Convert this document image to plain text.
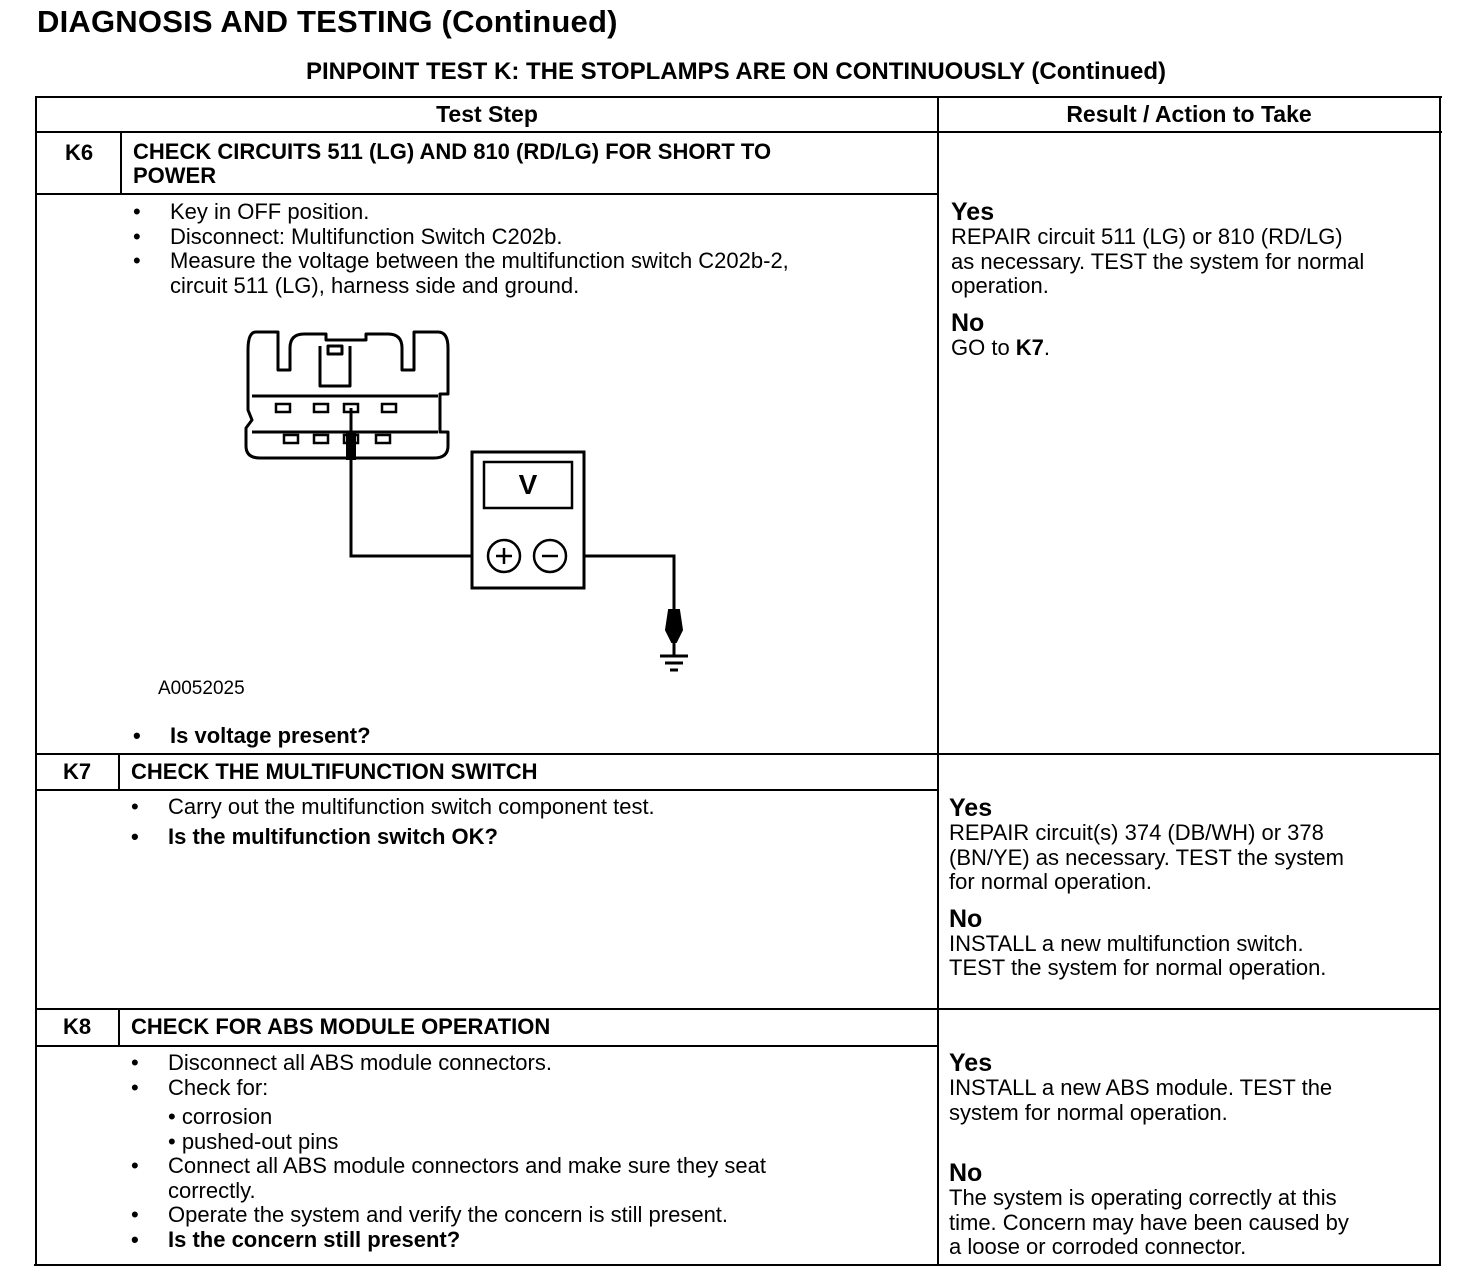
DIAGNOSIS AND TESTING (Continued)
PINPOINT TEST K: THE STOPLAMPS ARE ON CONTINUOUSLY (Continued)
Test Step	Result / Action to Take
K6	CHECK CIRCUITS 511 (LG) AND 810 (RD/LG) FOR SHORT TO
POWER
• Key in OFF position.
• Disconnect: Multifunction Switch C202b.
• Measure the voltage between the multifunction switch C202b-2,
circuit 511 (LG), harness side and ground.
V
A0052025
• Is voltage present?
Yes
REPAIR circuit 511 (LG) or 810 (RD/LG)
as necessary. TEST the system for normal
operation.
No
GO to K7.
K7	CHECK THE MULTIFUNCTION SWITCH
• Carry out the multifunction switch component test.
• Is the multifunction switch OK?
Yes
REPAIR circuit(s) 374 (DB/WH) or 378
(BN/YE) as necessary. TEST the system
for normal operation.
No
INSTALL a new multifunction switch.
TEST the system for normal operation.
K8	CHECK FOR ABS MODULE OPERATION
• Disconnect all ABS module connectors.
• Check for:
• corrosion
• pushed-out pins
• Connect all ABS module connectors and make sure they seat
correctly.
• Operate the system and verify the concern is still present.
• Is the concern still present?
Yes
INSTALL a new ABS module. TEST the
system for normal operation.
No
The system is operating correctly at this
time. Concern may have been caused by
a loose or corroded connector.
